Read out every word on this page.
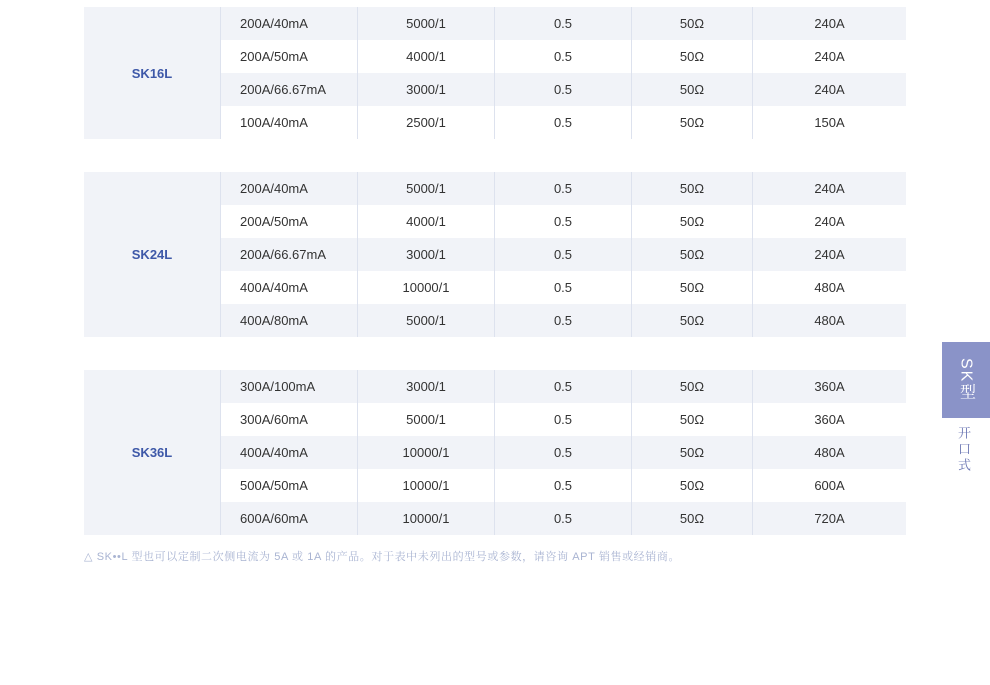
SK16L
200A/40mA	5000/1	0.5	50Ω	240A
200A/50mA	4000/1	0.5	50Ω	240A
200A/66.67mA	3000/1	0.5	50Ω	240A
100A/40mA	2500/1	0.5	50Ω	150A
SK24L
200A/40mA	5000/1	0.5	50Ω	240A
200A/50mA	4000/1	0.5	50Ω	240A
200A/66.67mA	3000/1	0.5	50Ω	240A
400A/40mA	10000/1	0.5	50Ω	480A
400A/80mA	5000/1	0.5	50Ω	480A
SK36L
300A/100mA	3000/1	0.5	50Ω	360A
300A/60mA	5000/1	0.5	50Ω	360A
400A/40mA	10000/1	0.5	50Ω	480A
500A/50mA	10000/1	0.5	50Ω	600A
600A/60mA	10000/1	0.5	50Ω	720A
△ SK••L 型也可以定制二次侧电流为 5A 或 1A 的产品。对于表中未列出的型号或参数，请咨询 APT 销售或经销商。
SK型
开口式
